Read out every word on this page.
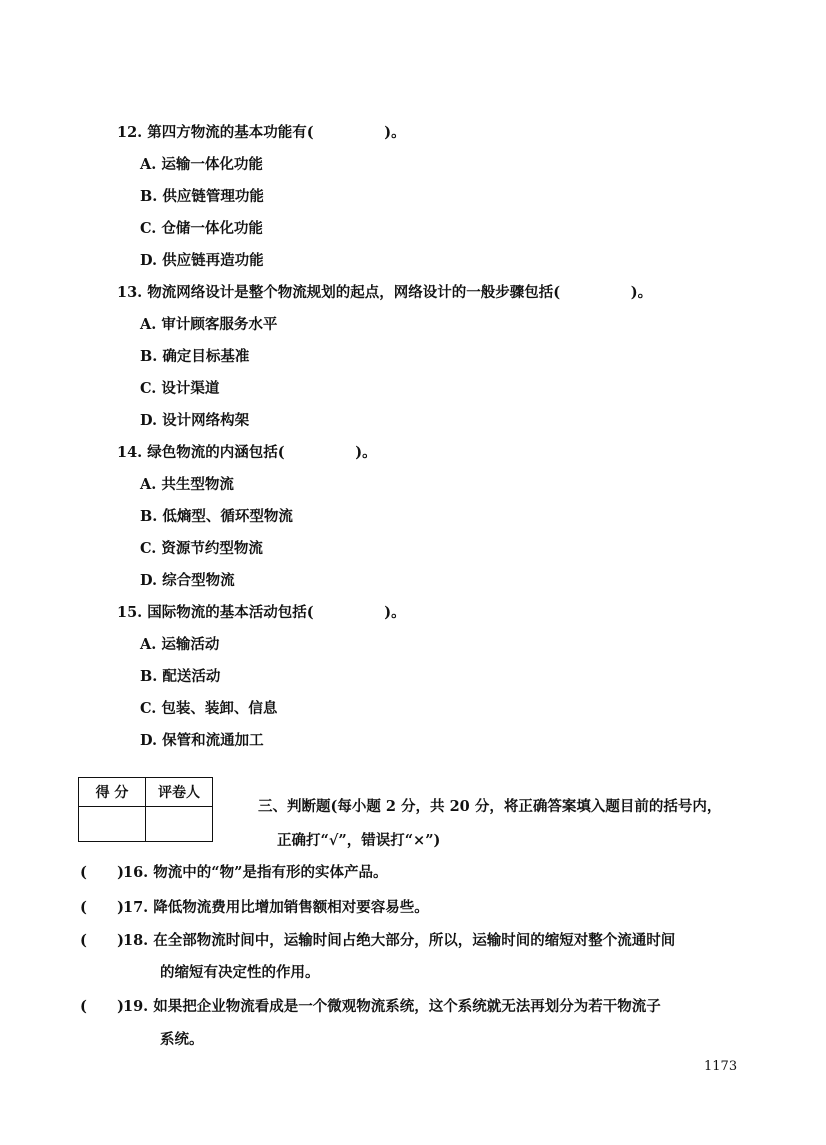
12. 第四方物流的基本功能有(              )。
A. 运输一体化功能
B. 供应链管理功能
C. 仓储一体化功能
D. 供应链再造功能
13. 物流网络设计是整个物流规划的起点，网络设计的一般步骤包括(              )。
A. 审计顾客服务水平
B. 确定目标基准
C. 设计渠道
D. 设计网络构架
14. 绿色物流的内涵包括(              )。
A. 共生型物流
B. 低熵型、循环型物流
C. 资源节约型物流
D. 综合型物流
15. 国际物流的基本活动包括(              )。
A. 运输活动
B. 配送活动
C. 包装、装卸、信息
D. 保管和流通加工
得 分	评卷人

三、判断题(每小题 2 分，共 20 分，将正确答案填入题目前的括号内，
正确打“√”，错误打“×”)
(      )
16. 物流中的“物”是指有形的实体产品。
(      )
17. 降低物流费用比增加销售额相对要容易些。
(      )
18. 在全部物流时间中，运输时间占绝大部分，所以，运输时间的缩短对整个流通时间
的缩短有决定性的作用。
(      )
19. 如果把企业物流看成是一个微观物流系统，这个系统就无法再划分为若干物流子
系统。
1173
